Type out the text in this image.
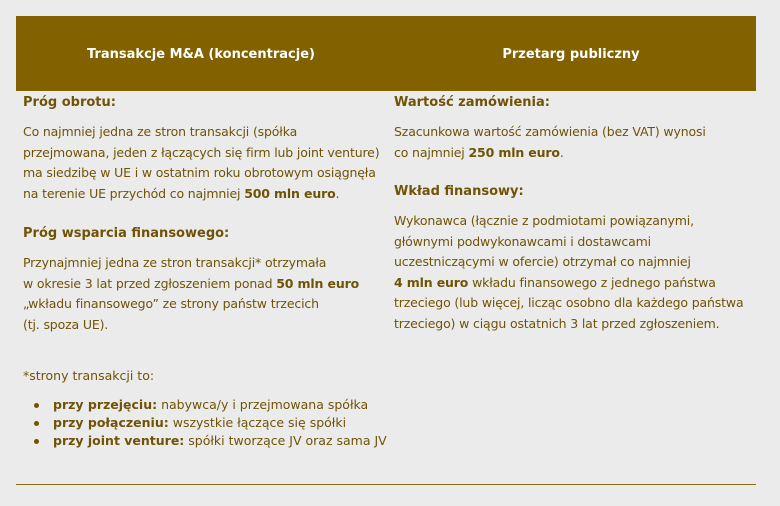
Transakcje M&A (koncentracje)	Przetarg publiczny
Próg obrotu:
Co najmniej jedna ze stron transakcji (spółka
przejmowana, jeden z łączących się firm lub joint venture)
ma siedzibę w UE i w ostatnim roku obrotowym osiągnęła
na terenie UE przychód co najmniej 500 mln euro.
Próg wsparcia finansowego:
Przynajmniej jedna ze stron transakcji* otrzymała
w okresie 3 lat przed zgłoszeniem ponad 50 mln euro
„wkładu finansowego” ze strony państw trzecich
(tj. spoza UE).
*strony transakcji to:
przy przejęciu: nabywca/y i przejmowana spółka
przy połączeniu: wszystkie łączące się spółki
przy joint venture: spółki tworzące JV oraz sama JV
Wartość zamówienia:
Szacunkowa wartość zamówienia (bez VAT) wynosi
co najmniej 250 mln euro.
Wkład finansowy:
Wykonawca (łącznie z podmiotami powiązanymi,
głównymi podwykonawcami i dostawcami
uczestniczącymi w ofercie) otrzymał co najmniej
4 mln euro wkładu finansowego z jednego państwa
trzeciego (lub więcej, licząc osobno dla każdego państwa
trzeciego) w ciągu ostatnich 3 lat przed zgłoszeniem.
